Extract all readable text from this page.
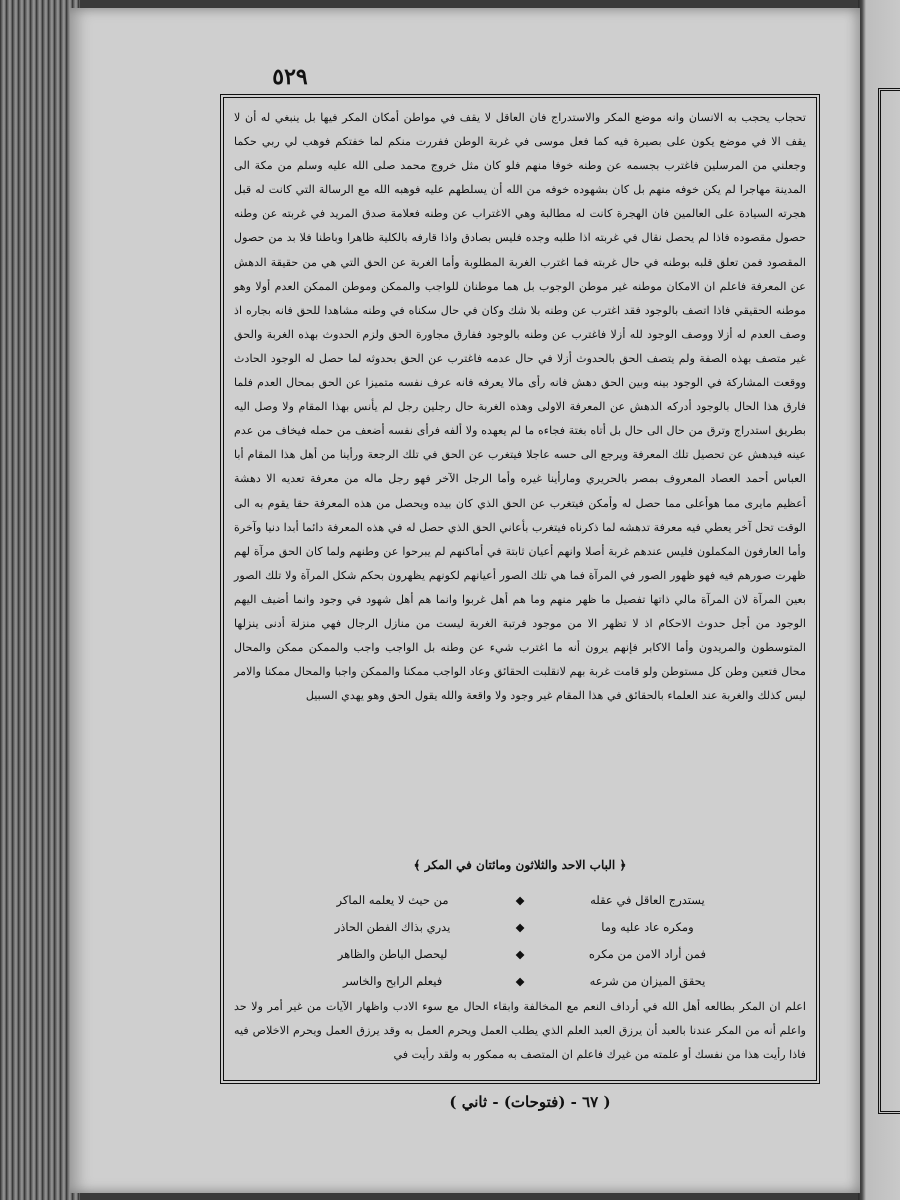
٥٢٩

تحجاب يحجب به الانسان وانه موضع المكر والاستدراج فان العاقل لا يقف في مواطن أمكان المكر فيها بل ينبغي له أن لا يقف الا في موضع يكون على بصيرة فيه كما فعل موسى في غربة الوطن ففررت منكم لما خفتكم فوهب لي ربي حكما وجعلني من المرسلين فاغترب بجسمه عن وطنه خوفا منهم فلو كان مثل خروج محمد صلى الله عليه وسلم من مكة الى المدينة مهاجرا لم يكن خوفه منهم بل كان بشهوده خوفه من الله أن يسلطهم عليه فوهبه الله مع الرسالة التي كانت له قبل هجرته السيادة على العالمين فان الهجرة كانت له مطالبة وهي الاغتراب عن وطنه فعلامة صدق المريد في غربته عن وطنه حصول مقصوده فاذا لم يحصل نقال في غربته اذا طلبه وجده فليس بصادق واذا قارفه بالكلية ظاهرا وباطنا فلا بد من حصول المقصود فمن تعلق قلبه بوطنه في حال غربته فما اغترب الغربة المطلوبة وأما الغربة عن الحق التي هي من حقيقة الدهش عن المعرفة فاعلم ان الامكان موطنه غير موطن الوجوب بل هما موطنان للواجب والممكن وموطن الممكن العدم أولا وهو موطنه الحقيقي فاذا اتصف بالوجود فقد اغترب عن وطنه بلا شك وكان في حال سكناه في وطنه مشاهدا للحق فانه بجاره اذ وصف العدم له أزلا ووصف الوجود لله أزلا فاغترب عن وطنه بالوجود ففارق مجاورة الحق ولزم الحدوث بهذه الغربة والحق غير متصف بهذه الصفة ولم يتصف الحق بالحدوث أزلا في حال عدمه فاغترب عن الحق بحدوثه لما حصل له الوجود الحادث ووقعت المشاركة في الوجود بينه وبين الحق دهش فانه رأى مالا يعرفه فانه عرف نفسه متميزا عن الحق بمحال العدم فلما فارق هذا الحال بالوجود أدركه الدهش عن المعرفة الاولى وهذه الغربة حال رجلين رجل لم يأنس بهذا المقام ولا وصل اليه بطريق استدراج وترق من حال الى حال بل أتاه بغتة فجاءه ما لم يعهده ولا ألفه فرأى نفسه أضعف من حمله فيخاف من عدم عينه فيدهش عن تحصيل تلك المعرفة ويرجع الى حسه عاجلا فيتغرب عن الحق في تلك الرجعة ورأينا من أهل هذا المقام أبا العباس أحمد العصاد المعروف بمصر بالحريري ومارأينا غيره وأما الرجل الآخر فهو رجل ماله من معرفة تعديه الا دهشة أعظيم مايرى مما هوأعلى مما حصل له وأمكن فيتغرب عن الحق الذي كان بيده ويحصل من هذه المعرفة حقا يقوم به الى الوقت تحل آخر يعطي فيه معرفة تدهشه لما ذكرناه فيتغرب بأعاني الحق الذي حصل له في هذه المعرفة دائما أبدا دنيا وآخرة وأما العارفون المكملون فليس عندهم غربة أصلا وانهم أعيان ثابتة في أماكنهم لم يبرحوا عن وطنهم ولما كان الحق مرآة لهم ظهرت صورهم فيه فهو ظهور الصور في المرآة فما هي تلك الصور أعيانهم لكونهم يظهرون بحكم شكل المرآة ولا تلك الصور بعين المرآة لان المرآة مالي ذاتها تفصيل ما ظهر منهم وما هم أهل غربوا وانما هم أهل شهود في وجود وانما أضيف اليهم الوجود من أجل حدوث الاحكام اذ لا تظهر الا من موجود فرتبة الغربة ليست من منازل الرجال فهي منزلة أدنى ينزلها المتوسطون والمريدون وأما الاكابر فإنهم يرون أنه ما اغترب شيء عن وطنه بل الواجب واجب والممكن ممكن والمحال محال فتعين وطن كل مستوطن ولو قامت غربة بهم لانقلبت الحقائق وعاد الواجب ممكنا والممكن واجبا والمحال ممكنا والامر ليس كذلك والغربة عند العلماء بالحقائق في هذا المقام غير وجود ولا واقعة والله يقول الحق وهو يهدي السبيل

﴿ الباب الاحد والثلاثون ومائتان في المكر ﴾
يستدرج العاقل في عقله
◆
من حيث لا يعلمه الماكر
ومكره عاد عليه وما
◆
يدري بذاك الفطن الحاذر
فمن أراد الامن من مكره
◆
ليحصل الباطن والظاهر
يحقق الميزان من شرعه
◆
فيعلم الرابح والخاسر
اعلم ان المكر بطالعه أهل الله في أرداف النعم مع المخالفة وابقاء الحال مع سوء الادب واظهار الآيات من غير أمر ولا حد واعلم أنه من المكر عندنا بالعبد أن يرزق العبد العلم الذي يطلب العمل ويحرم العمل به وقد يرزق العمل ويحرم الاخلاص فيه فاذا رأيت هذا من نفسك أو علمته من غيرك فاعلم ان المتصف به ممكور به ولقد رأيت في
( ٦٧ - (فتوحات) - ثاني )
